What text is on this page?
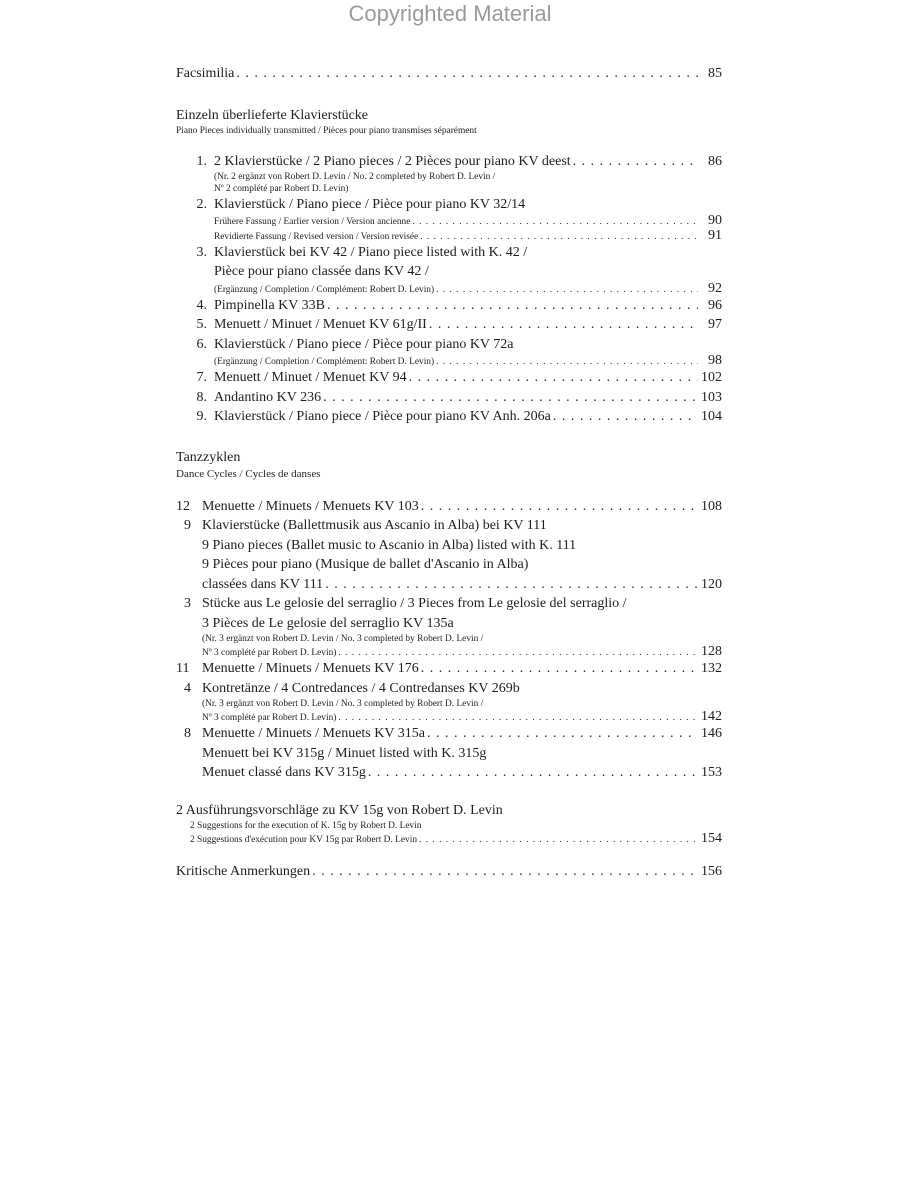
Copyrighted Material
Facsimilia . . .	85
Einzeln überlieferte Klavierstücke
Piano Pieces individually transmitted / Pièces pour piano transmises séparément
1. 2 Klavierstücke / 2 Piano pieces / 2 Pièces pour piano KV deest . . .	86
(Nr. 2 ergänzt von Robert D. Levin / No. 2 completed by Robert D. Levin /
Nº 2 complété par Robert D. Levin)
2. Klavierstück / Piano piece / Pièce pour piano KV 32/14
Frühere Fassung / Earlier version / Version ancienne . . .	90
Revidierte Fassung / Revised version / Version revisée . . .	91
3. Klavierstück bei KV 42 / Piano piece listed with K. 42 /
Pièce pour piano classée dans KV 42 /
(Ergänzung / Completion / Complément: Robert D. Levin) . . .	92
4. Pimpinella KV 33B . . .	96
5. Menuett / Minuet / Menuet KV 61g/II . . .	97
6. Klavierstück / Piano piece / Pièce pour piano KV 72a
(Ergänzung / Completion / Complément: Robert D. Levin) . . .	98
7. Menuett / Minuet / Menuet KV 94 . . .	102
8. Andantino KV 236 . . .	103
9. Klavierstück / Piano piece / Pièce pour piano KV Anh. 206a . . .	104
Tanzzyklen
Dance Cycles / Cycles de danses
12 Menuette / Minuets / Menuets KV 103 . . .	108
9 Klavierstücke (Ballettmusik aus Ascanio in Alba) bei KV 111
9 Piano pieces (Ballet music to Ascanio in Alba) listed with K. 111
9 Pièces pour piano (Musique de ballet d'Ascanio in Alba)
classées dans KV 111 . . .	120
3 Stücke aus Le gelosie del serraglio / 3 Pieces from Le gelosie del serraglio /
3 Pièces de Le gelosie del serraglio KV 135a
(Nr. 3 ergänzt von Robert D. Levin / No. 3 completed by Robert D. Levin /
Nº 3 complété par Robert D. Levin) . . .	128
11 Menuette / Minuets / Menuets KV 176 . . .	132
4 Kontretänze / 4 Contredances / 4 Contredanses KV 269b
(Nr. 3 ergänzt von Robert D. Levin / No. 3 completed by Robert D. Levin /
Nº 3 complété par Robert D. Levin) . . .	142
8 Menuette / Minuets / Menuets KV 315a . . .	146
Menuett bei KV 315g / Minuet listed with K. 315g
Menuet classé dans KV 315g . . .	153
2 Ausführungsvorschläge zu KV 15g von Robert D. Levin
2 Suggestions for the execution of K. 15g by Robert D. Levin
2 Suggestions d'exécution pour KV 15g par Robert D. Levin . . .	154
Kritische Anmerkungen . . .	156
